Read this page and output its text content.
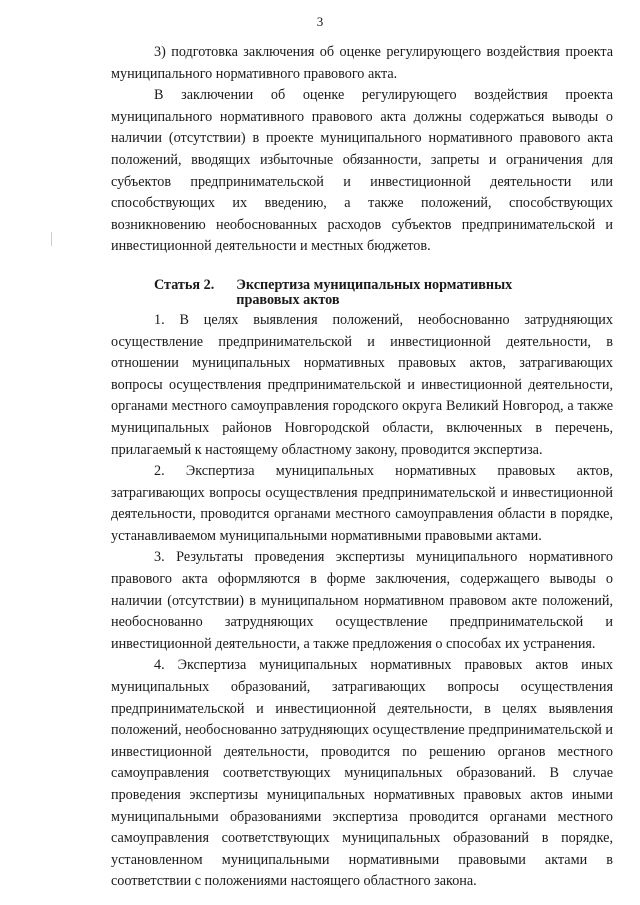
3

3) подготовка заключения об оценке регулирующего воздействия проекта муниципального нормативного правового акта.

В заключении об оценке регулирующего воздействия проекта муниципального нормативного правового акта должны содержаться выводы о наличии (отсутствии) в проекте муниципального нормативного правового акта положений, вводящих избыточные обязанности, запреты и ограничения для субъектов предпринимательской и инвестиционной деятельности или способствующих их введению, а также положений, способствующих возникновению необоснованных расходов субъектов предпринимательской и инвестиционной деятельности и местных бюджетов.

Статья 2. Экспертиза муниципальных нормативных правовых актов

1. В целях выявления положений, необоснованно затрудняющих осуществление предпринимательской и инвестиционной деятельности, в отношении муниципальных нормативных правовых актов, затрагивающих вопросы осуществления предпринимательской и инвестиционной деятельности, органами местного самоуправления городского округа Великий Новгород, а также муниципальных районов Новгородской области, включенных в перечень, прилагаемый к настоящему областному закону, проводится экспертиза.

2. Экспертиза муниципальных нормативных правовых актов, затрагивающих вопросы осуществления предпринимательской и инвестиционной деятельности, проводится органами местного самоуправления области в порядке, устанавливаемом муниципальными нормативными правовыми актами.

3. Результаты проведения экспертизы муниципального нормативного правового акта оформляются в форме заключения, содержащего выводы о наличии (отсутствии) в муниципальном нормативном правовом акте положений, необоснованно затрудняющих осуществление предпринимательской и инвестиционной деятельности, а также предложения о способах их устранения.

4. Экспертиза муниципальных нормативных правовых актов иных муниципальных образований, затрагивающих вопросы осуществления предпринимательской и инвестиционной деятельности, в целях выявления положений, необоснованно затрудняющих осуществление предпринимательской и инвестиционной деятельности, проводится по решению органов местного самоуправления соответствующих муниципальных образований. В случае проведения экспертизы муниципальных нормативных правовых актов иными муниципальными образованиями экспертиза проводится органами местного самоуправления соответствующих муниципальных образований в порядке, установленном муниципальными нормативными правовыми актами в соответствии с положениями настоящего областного закона.
